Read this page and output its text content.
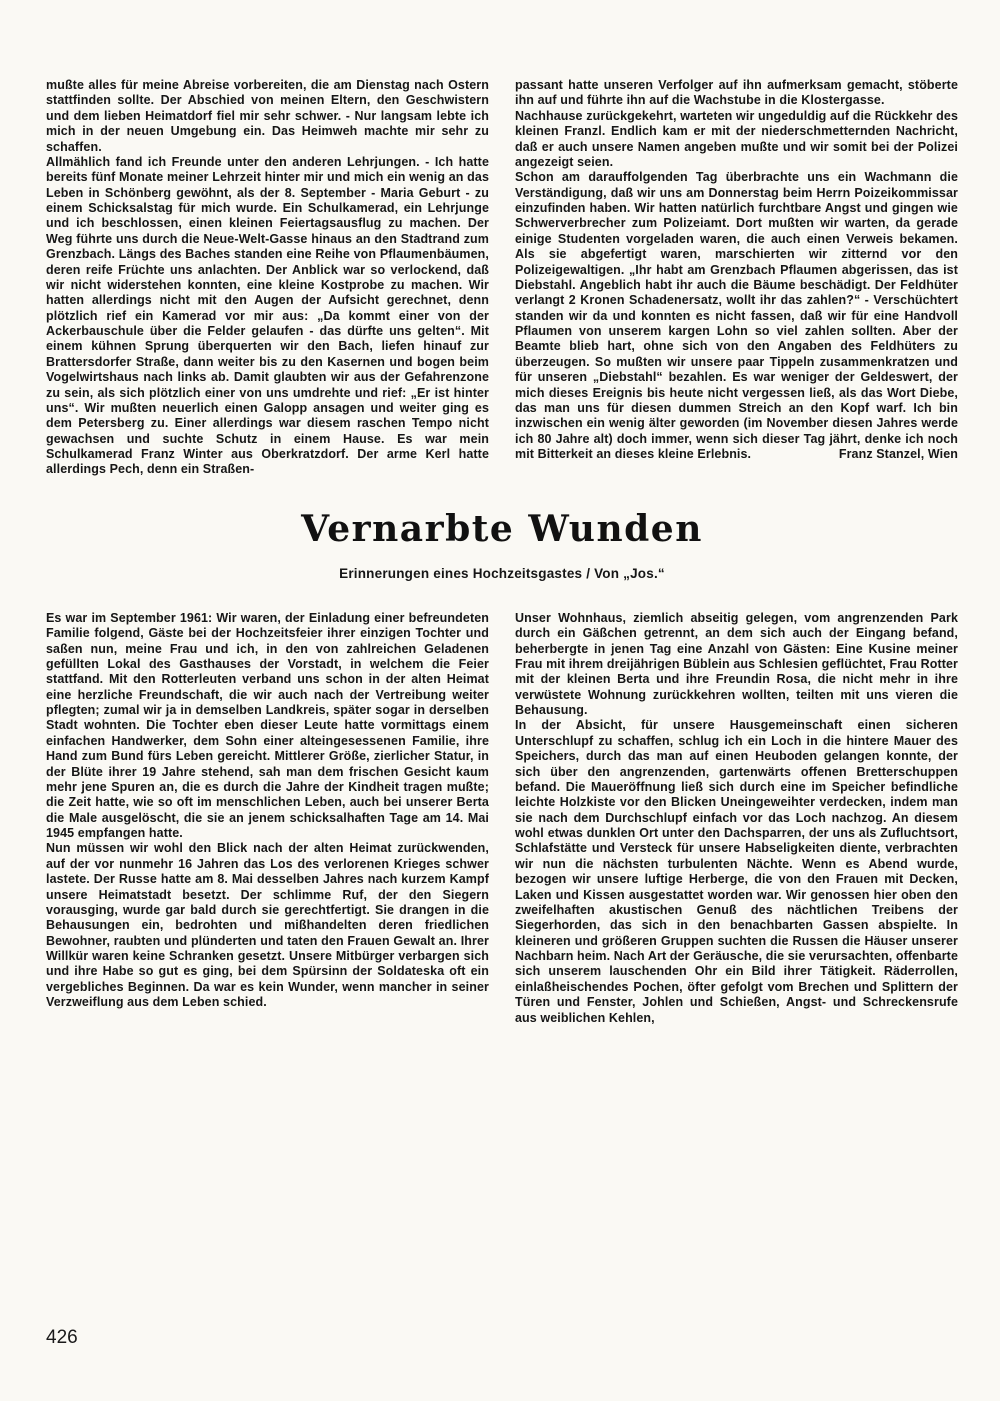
mußte alles für meine Abreise vorbereiten, die am Dienstag nach Ostern stattfinden sollte. Der Abschied von meinen Eltern, den Geschwistern und dem lieben Heimatdorf fiel mir sehr schwer. - Nur langsam lebte ich mich in der neuen Umgebung ein. Das Heimweh machte mir sehr zu schaffen.

Allmählich fand ich Freunde unter den anderen Lehrjungen. - Ich hatte bereits fünf Monate meiner Lehrzeit hinter mir und mich ein wenig an das Leben in Schönberg gewöhnt, als der 8. September - Maria Geburt - zu einem Schicksalstag für mich wurde. Ein Schulkamerad, ein Lehrjunge und ich beschlossen, einen kleinen Feiertagsausflug zu machen. Der Weg führte uns durch die Neue-Welt-Gasse hinaus an den Stadtrand zum Grenzbach. Längs des Baches standen eine Reihe von Pflaumenbäumen, deren reife Früchte uns anlachten. Der Anblick war so verlockend, daß wir nicht widerstehen konnten, eine kleine Kostprobe zu machen. Wir hatten allerdings nicht mit den Augen der Aufsicht gerechnet, denn plötzlich rief ein Kamerad vor mir aus: „Da kommt einer von der Ackerbauschule über die Felder gelaufen - das dürfte uns gelten“. Mit einem kühnen Sprung überquerten wir den Bach, liefen hinauf zur Brattersdorfer Straße, dann weiter bis zu den Kasernen und bogen beim Vogelwirtshaus nach links ab. Damit glaubten wir aus der Gefahrenzone zu sein, als sich plötzlich einer von uns umdrehte und rief: „Er ist hinter uns“. Wir mußten neuerlich einen Galopp ansagen und weiter ging es dem Petersberg zu. Einer allerdings war diesem raschen Tempo nicht gewachsen und suchte Schutz in einem Hause. Es war mein Schulkamerad Franz Winter aus Oberkratzdorf. Der arme Kerl hatte allerdings Pech, denn ein Straßen-

passant hatte unseren Verfolger auf ihn aufmerksam gemacht, stöberte ihn auf und führte ihn auf die Wachstube in die Klostergasse.

Nachhause zurückgekehrt, warteten wir ungeduldig auf die Rückkehr des kleinen Franzl. Endlich kam er mit der niederschmetternden Nachricht, daß er auch unsere Namen angeben mußte und wir somit bei der Polizei angezeigt seien.

Schon am darauffolgenden Tag überbrachte uns ein Wachmann die Verständigung, daß wir uns am Donnerstag beim Herrn Poizeikommissar einzufinden haben. Wir hatten natürlich furchtbare Angst und gingen wie Schwerverbrecher zum Polizeiamt. Dort mußten wir warten, da gerade einige Studenten vorgeladen waren, die auch einen Verweis bekamen. Als sie abgefertigt waren, marschierten wir zitternd vor den Polizeigewaltigen. „Ihr habt am Grenzbach Pflaumen abgerissen, das ist Diebstahl. Angeblich habt ihr auch die Bäume beschädigt. Der Feldhüter verlangt 2 Kronen Schadenersatz, wollt ihr das zahlen?“ - Verschüchtert standen wir da und konnten es nicht fassen, daß wir für eine Handvoll Pflaumen von unserem kargen Lohn so viel zahlen sollten. Aber der Beamte blieb hart, ohne sich von den Angaben des Feldhüters zu überzeugen. So mußten wir unsere paar Tippeln zusammenkratzen und für unseren „Diebstahl“ bezahlen. Es war weniger der Geldeswert, der mich dieses Ereignis bis heute nicht vergessen ließ, als das Wort Diebe, das man uns für diesen dummen Streich an den Kopf warf. Ich bin inzwischen ein wenig älter geworden (im November diesen Jahres werde ich 80 Jahre alt) doch immer, wenn sich dieser Tag jährt, denke ich noch mit Bitterkeit an dieses kleine Erlebnis.	Franz Stanzel, Wien

Vernarbte Wunden
Erinnerungen eines Hochzeitsgastes / Von „Jos.“

Es war im September 1961: Wir waren, der Einladung einer befreundeten Familie folgend, Gäste bei der Hochzeitsfeier ihrer einzigen Tochter und saßen nun, meine Frau und ich, in den von zahlreichen Geladenen gefüllten Lokal des Gasthauses der Vorstadt, in welchem die Feier stattfand. Mit den Rotterleuten verband uns schon in der alten Heimat eine herzliche Freundschaft, die wir auch nach der Vertreibung weiter pflegten; zumal wir ja in demselben Landkreis, später sogar in derselben Stadt wohnten. Die Tochter eben dieser Leute hatte vormittags einem einfachen Handwerker, dem Sohn einer alteingesessenen Familie, ihre Hand zum Bund fürs Leben gereicht. Mittlerer Größe, zierlicher Statur, in der Blüte ihrer 19 Jahre stehend, sah man dem frischen Gesicht kaum mehr jene Spuren an, die es durch die Jahre der Kindheit tragen mußte; die Zeit hatte, wie so oft im menschlichen Leben, auch bei unserer Berta die Male ausgelöscht, die sie an jenem schicksalhaften Tage am 14. Mai 1945 empfangen hatte.

Nun müssen wir wohl den Blick nach der alten Heimat zurückwenden, auf der vor nunmehr 16 Jahren das Los des verlorenen Krieges schwer lastete. Der Russe hatte am 8. Mai desselben Jahres nach kurzem Kampf unsere Heimatstadt besetzt. Der schlimme Ruf, der den Siegern vorausging, wurde gar bald durch sie gerechtfertigt. Sie drangen in die Behausungen ein, bedrohten und mißhandelten deren friedlichen Bewohner, raubten und plünderten und taten den Frauen Gewalt an. Ihrer Willkür waren keine Schranken gesetzt. Unsere Mitbürger verbargen sich und ihre Habe so gut es ging, bei dem Spürsinn der Soldateska oft ein vergebliches Beginnen. Da war es kein Wunder, wenn mancher in seiner Verzweiflung aus dem Leben schied.

Unser Wohnhaus, ziemlich abseitig gelegen, vom angrenzenden Park durch ein Gäßchen getrennt, an dem sich auch der Eingang befand, beherbergte in jenen Tag eine Anzahl von Gästen: Eine Kusine meiner Frau mit ihrem dreijährigen Büblein aus Schlesien geflüchtet, Frau Rotter mit der kleinen Berta und ihre Freundin Rosa, die nicht mehr in ihre verwüstete Wohnung zurückkehren wollten, teilten mit uns vieren die Behausung.

In der Absicht, für unsere Hausgemeinschaft einen sicheren Unterschlupf zu schaffen, schlug ich ein Loch in die hintere Mauer des Speichers, durch das man auf einen Heuboden gelangen konnte, der sich über den angrenzenden, gartenwärts offenen Bretterschuppen befand. Die Maueröffnung ließ sich durch eine im Speicher befindliche leichte Holzkiste vor den Blicken Uneingeweihter verdecken, indem man sie nach dem Durchschlupf einfach vor das Loch nachzog. An diesem wohl etwas dunklen Ort unter den Dachsparren, der uns als Zufluchtsort, Schlafstätte und Versteck für unsere Habseligkeiten diente, verbrachten wir nun die nächsten turbulenten Nächte. Wenn es Abend wurde, bezogen wir unsere luftige Herberge, die von den Frauen mit Decken, Laken und Kissen ausgestattet worden war. Wir genossen hier oben den zweifelhaften akustischen Genuß des nächtlichen Treibens der Siegerhorden, das sich in den benachbarten Gassen abspielte. In kleineren und größeren Gruppen suchten die Russen die Häuser unserer Nachbarn heim. Nach Art der Geräusche, die sie verursachten, offenbarte sich unserem lauschenden Ohr ein Bild ihrer Tätigkeit. Räderrollen, einlaßheischendes Pochen, öfter gefolgt vom Brechen und Splittern der Türen und Fenster, Johlen und Schießen, Angst- und Schreckensrufe aus weiblichen Kehlen,

426
